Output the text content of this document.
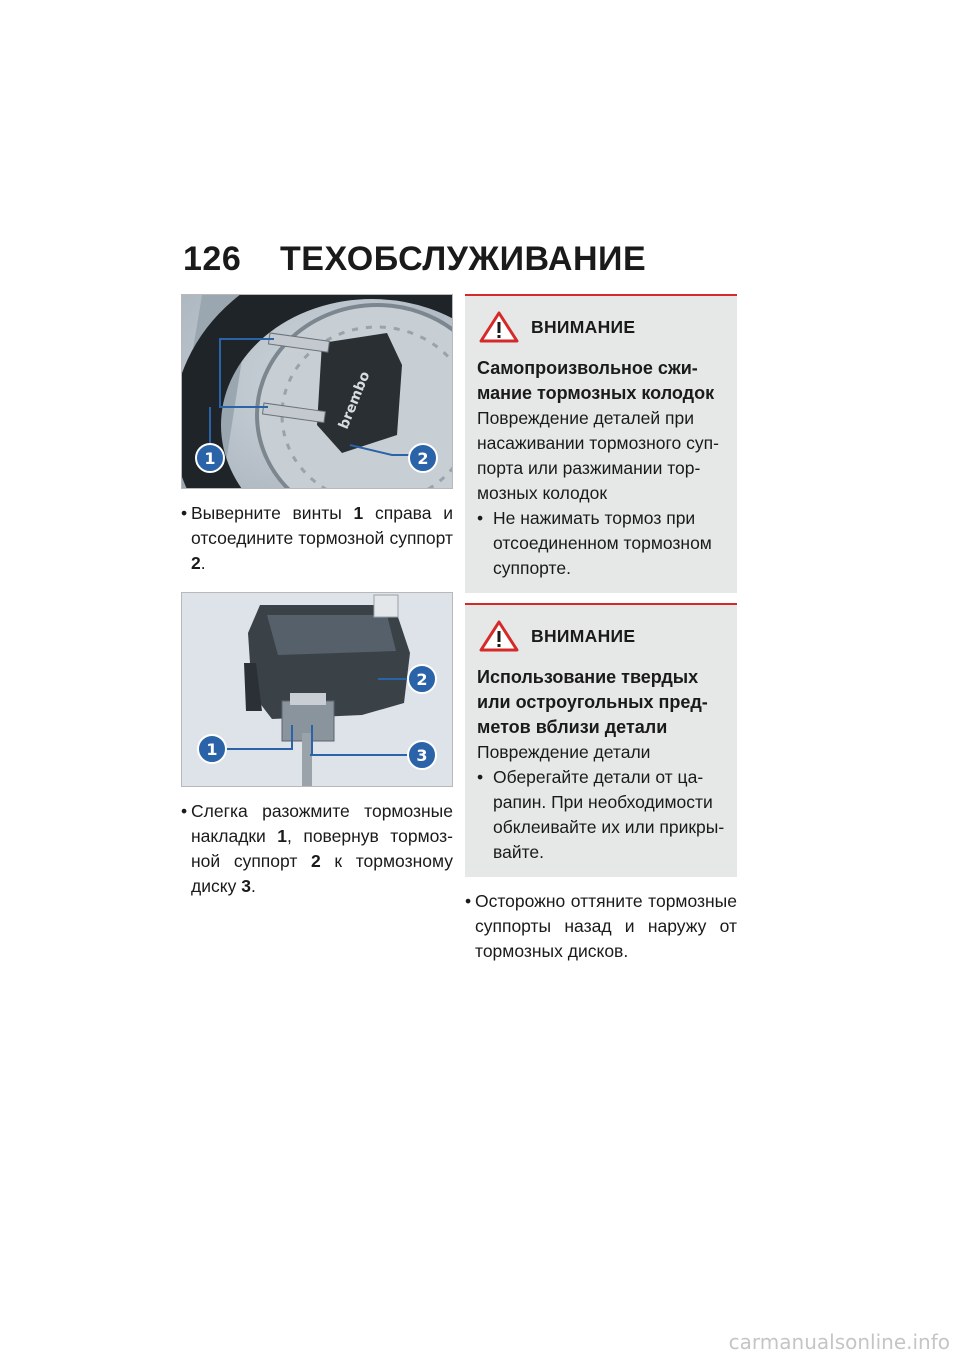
126	ТЕХОБСЛУЖИВАНИЕ
brembo
1	2
• Выверните винты 1 справа и отсоедините тормозной суппорт 2.
1
2
3
• Слегка разожмите тормозные накладки 1, повернув тормозной суппорт 2 к тормозному диску 3.
ВНИМАНИЕ
Самопроизвольное сжимание тормозных колодок
Повреждение деталей при насаживании тормозного суппорта или разжимании тормозных колодок
• Не нажимать тормоз при отсоединенном тормозном суппорте.
ВНИМАНИЕ
Использование твердых или остроугольных предметов вблизи детали
Повреждение детали
• Оберегайте детали от царапин. При необходимости обклеивайте их или прикрывайте.
• Осторожно оттяните тормозные суппорты назад и наружу от тормозных дисков.
carmanualsonline.info
